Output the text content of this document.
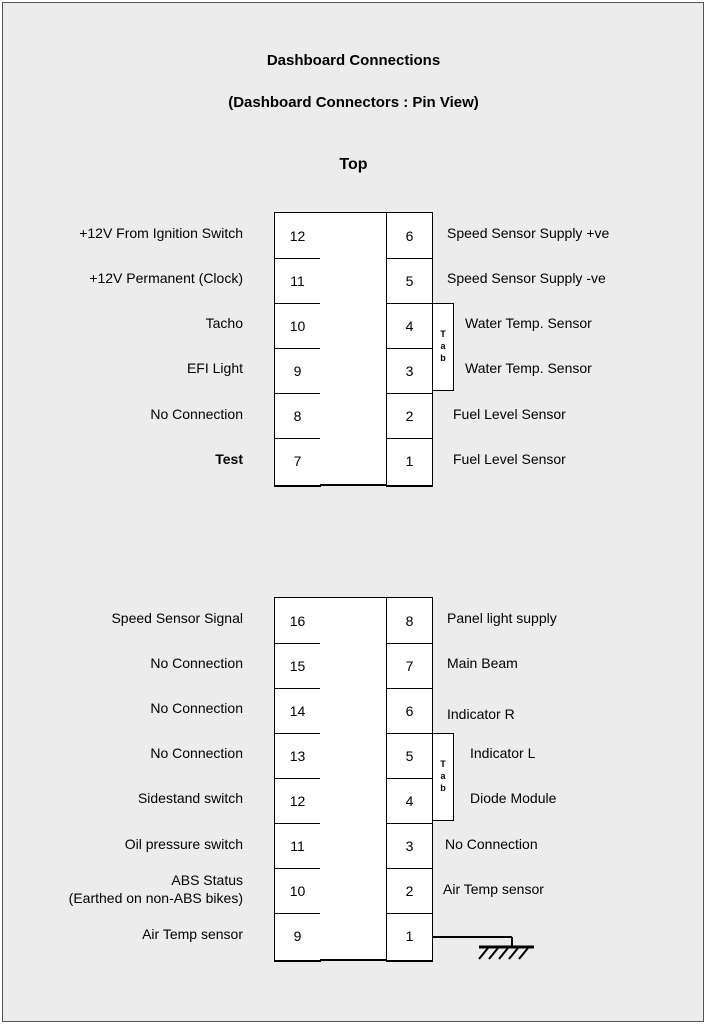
Dashboard Connections
(Dashboard Connectors : Pin View)
Top
12
11
10
9
8
7
6
5
4
3
2
1
T
a
b
+12V From Ignition Switch
+12V Permanent (Clock)
Tacho
EFI Light
No Connection
Test
Speed Sensor Supply +ve
Speed Sensor Supply -ve
Water Temp. Sensor
Water Temp. Sensor
Fuel Level Sensor
Fuel Level Sensor
16
15
14
13
12
11
10
9
8
7
6
5
4
3
2
1
T
a
b
Speed Sensor Signal
No Connection
No Connection
No Connection
Sidestand switch
Oil pressure switch
ABS Status
(Earthed on non-ABS bikes)
Air Temp sensor
Panel light supply
Main Beam
Indicator R
Indicator L
Diode Module
No Connection
Air Temp sensor
